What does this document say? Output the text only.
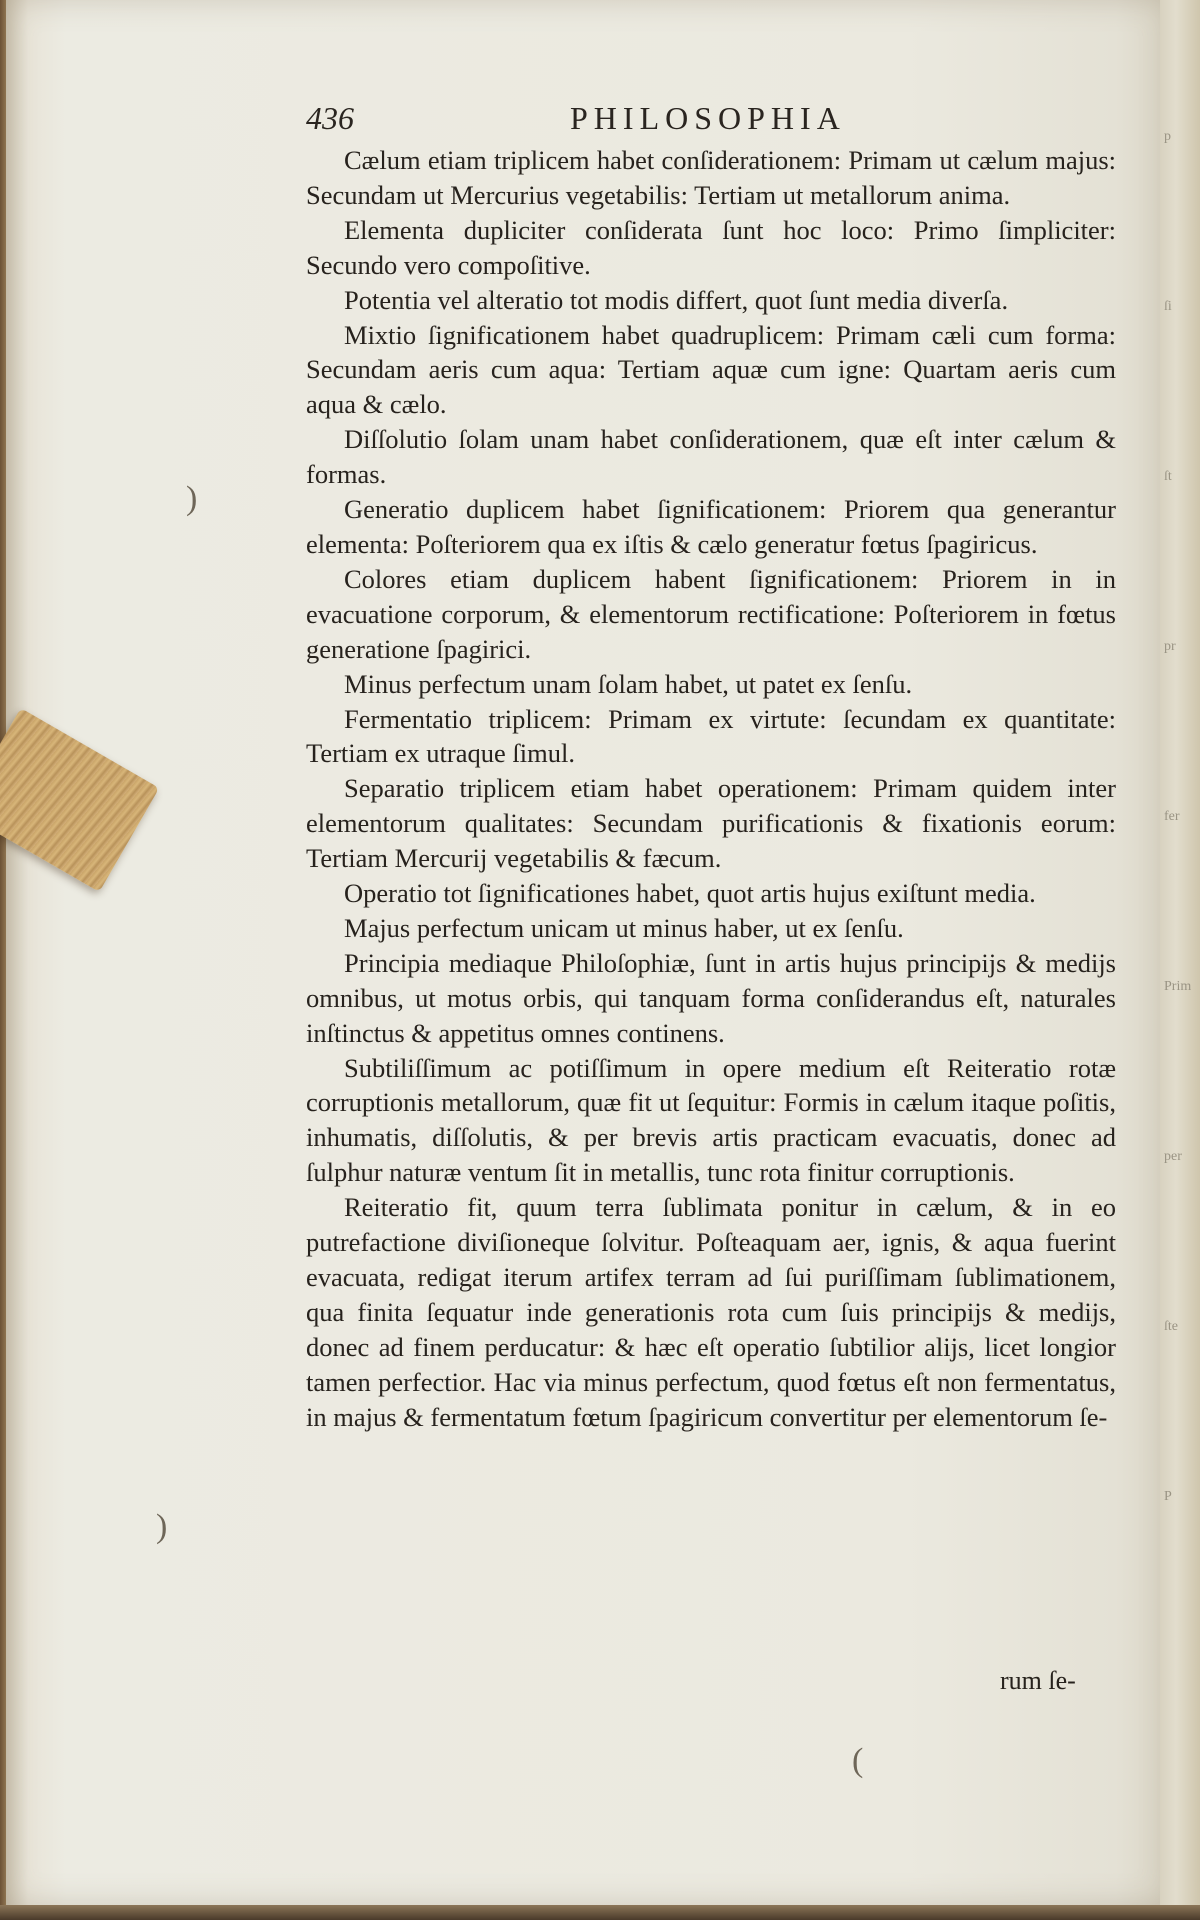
)
)
(
p
ſi
ſt
pr
fer
Prim
per
ſte
P
436	PHILOSOPHIA

Cælum etiam triplicem habet conſiderationem: Primam ut cælum majus: Secundam ut Mercurius vegetabilis: Tertiam ut metallorum anima.

Elementa dupliciter conſiderata ſunt hoc loco: Primo ſimpliciter: Secundo vero compoſitive.

Potentia vel alteratio tot modis differt, quot ſunt media diverſa.

Mixtio ſignificationem habet quadruplicem: Primam cæli cum forma: Secundam aeris cum aqua: Tertiam aquæ cum igne: Quartam aeris cum aqua & cælo.

Diſſolutio ſolam unam habet conſiderationem, quæ eſt inter cælum & formas.

Generatio duplicem habet ſignificationem: Priorem qua generantur elementa: Poſteriorem qua ex iſtis & cælo generatur fœtus ſpagiricus.

Colores etiam duplicem habent ſignificationem: Priorem in in evacuatione corporum, & elementorum rectificatione: Poſteriorem in fœtus generatione ſpagirici.

Minus perfectum unam ſolam habet, ut patet ex ſenſu.

Fermentatio triplicem: Primam ex virtute: ſecundam ex quantitate: Tertiam ex utraque ſimul.

Separatio triplicem etiam habet operationem: Primam quidem inter elementorum qualitates: Secundam purificationis & fixationis eorum: Tertiam Mercurij vegetabilis & fæcum.

Operatio tot ſignificationes habet, quot artis hujus exiſtunt media.

Majus perfectum unicam ut minus haber, ut ex ſenſu.

Principia mediaque Philoſophiæ, ſunt in artis hujus principijs & medijs omnibus, ut motus orbis, qui tanquam forma conſiderandus eſt, naturales inſtinctus & appetitus omnes continens.

Subtiliſſimum ac potiſſimum in opere medium eſt Reiteratio rotæ corruptionis metallorum, quæ fit ut ſequitur: Formis in cælum itaque poſitis, inhumatis, diſſolutis, & per brevis artis practicam evacuatis, donec ad ſulphur naturæ ventum ſit in metallis, tunc rota finitur corruptionis.

Reiteratio fit, quum terra ſublimata ponitur in cælum, & in eo putrefactione diviſioneque ſolvitur. Poſteaquam aer, ignis, & aqua fuerint evacuata, redigat iterum artifex terram ad ſui puriſſimam ſublimationem, qua finita ſequatur inde generationis rota cum ſuis principijs & medijs, donec ad finem perducatur: & hæc eſt operatio ſubtilior alijs, licet longior tamen perfectior. Hac via minus perfectum, quod fœtus eſt non fermentatus, in majus & fermentatum fœtum ſpagiricum convertitur per elementorum ſe-

rum ſe-
